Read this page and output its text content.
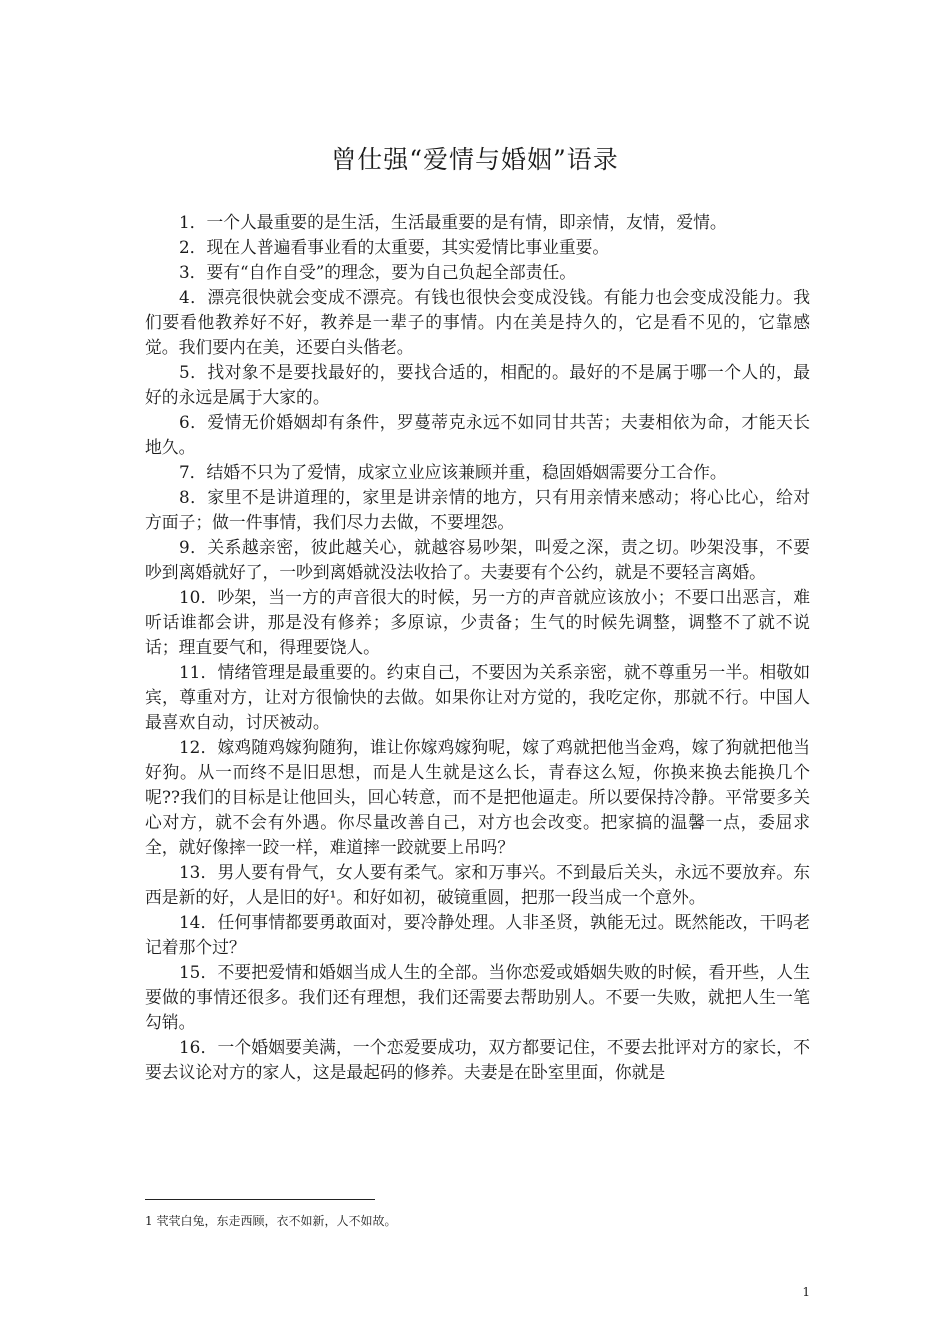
曾仕强“爱情与婚姻”语录

1．一个人最重要的是生活，生活最重要的是有情，即亲情，友情，爱情。

2．现在人普遍看事业看的太重要，其实爱情比事业重要。

3．要有“自作自受”的理念，要为自己负起全部责任。

4．漂亮很快就会变成不漂亮。有钱也很快会变成没钱。有能力也会变成没能力。我们要看他教养好不好，教养是一辈子的事情。内在美是持久的，它是看不见的，它靠感觉。我们要内在美，还要白头偕老。

5．找对象不是要找最好的，要找合适的，相配的。最好的不是属于哪一个人的，最好的永远是属于大家的。

6．爱情无价婚姻却有条件，罗蔓蒂克永远不如同甘共苦；夫妻相依为命，才能天长地久。

7．结婚不只为了爱情，成家立业应该兼顾并重，稳固婚姻需要分工合作。

8．家里不是讲道理的，家里是讲亲情的地方，只有用亲情来感动；将心比心，给对方面子；做一件事情，我们尽力去做，不要埋怨。

9．关系越亲密，彼此越关心，就越容易吵架，叫爱之深，责之切。吵架没事，不要吵到离婚就好了，一吵到离婚就没法收拾了。夫妻要有个公约，就是不要轻言离婚。

10．吵架，当一方的声音很大的时候，另一方的声音就应该放小；不要口出恶言，难听话谁都会讲，那是没有修养；多原谅，少责备；生气的时候先调整，调整不了就不说话；理直要气和，得理要饶人。

11．情绪管理是最重要的。约束自己，不要因为关系亲密，就不尊重另一半。相敬如宾，尊重对方，让对方很愉快的去做。如果你让对方觉的，我吃定你，那就不行。中国人最喜欢自动，讨厌被动。

12．嫁鸡随鸡嫁狗随狗，谁让你嫁鸡嫁狗呢，嫁了鸡就把他当金鸡，嫁了狗就把他当好狗。从一而终不是旧思想，而是人生就是这么长，青春这么短，你换来换去能换几个呢??我们的目标是让他回头，回心转意，而不是把他逼走。所以要保持冷静。平常要多关心对方，就不会有外遇。你尽量改善自己，对方也会改变。把家搞的温馨一点，委屈求全，就好像摔一跤一样，难道摔一跤就要上吊吗？

13．男人要有骨气，女人要有柔气。家和万事兴。不到最后关头，永远不要放弃。东西是新的好，人是旧的好¹。和好如初，破镜重圆，把那一段当成一个意外。

14．任何事情都要勇敢面对，要冷静处理。人非圣贤，孰能无过。既然能改，干吗老记着那个过？

15．不要把爱情和婚姻当成人生的全部。当你恋爱或婚姻失败的时候，看开些，人生要做的事情还很多。我们还有理想，我们还需要去帮助别人。不要一失败，就把人生一笔勾销。

16．一个婚姻要美满，一个恋爱要成功，双方都要记住，不要去批评对方的家长，不要去议论对方的家人，这是最起码的修养。夫妻是在卧室里面，你就是

1 茕茕白兔，东走西顾，衣不如新，人不如故。
1
